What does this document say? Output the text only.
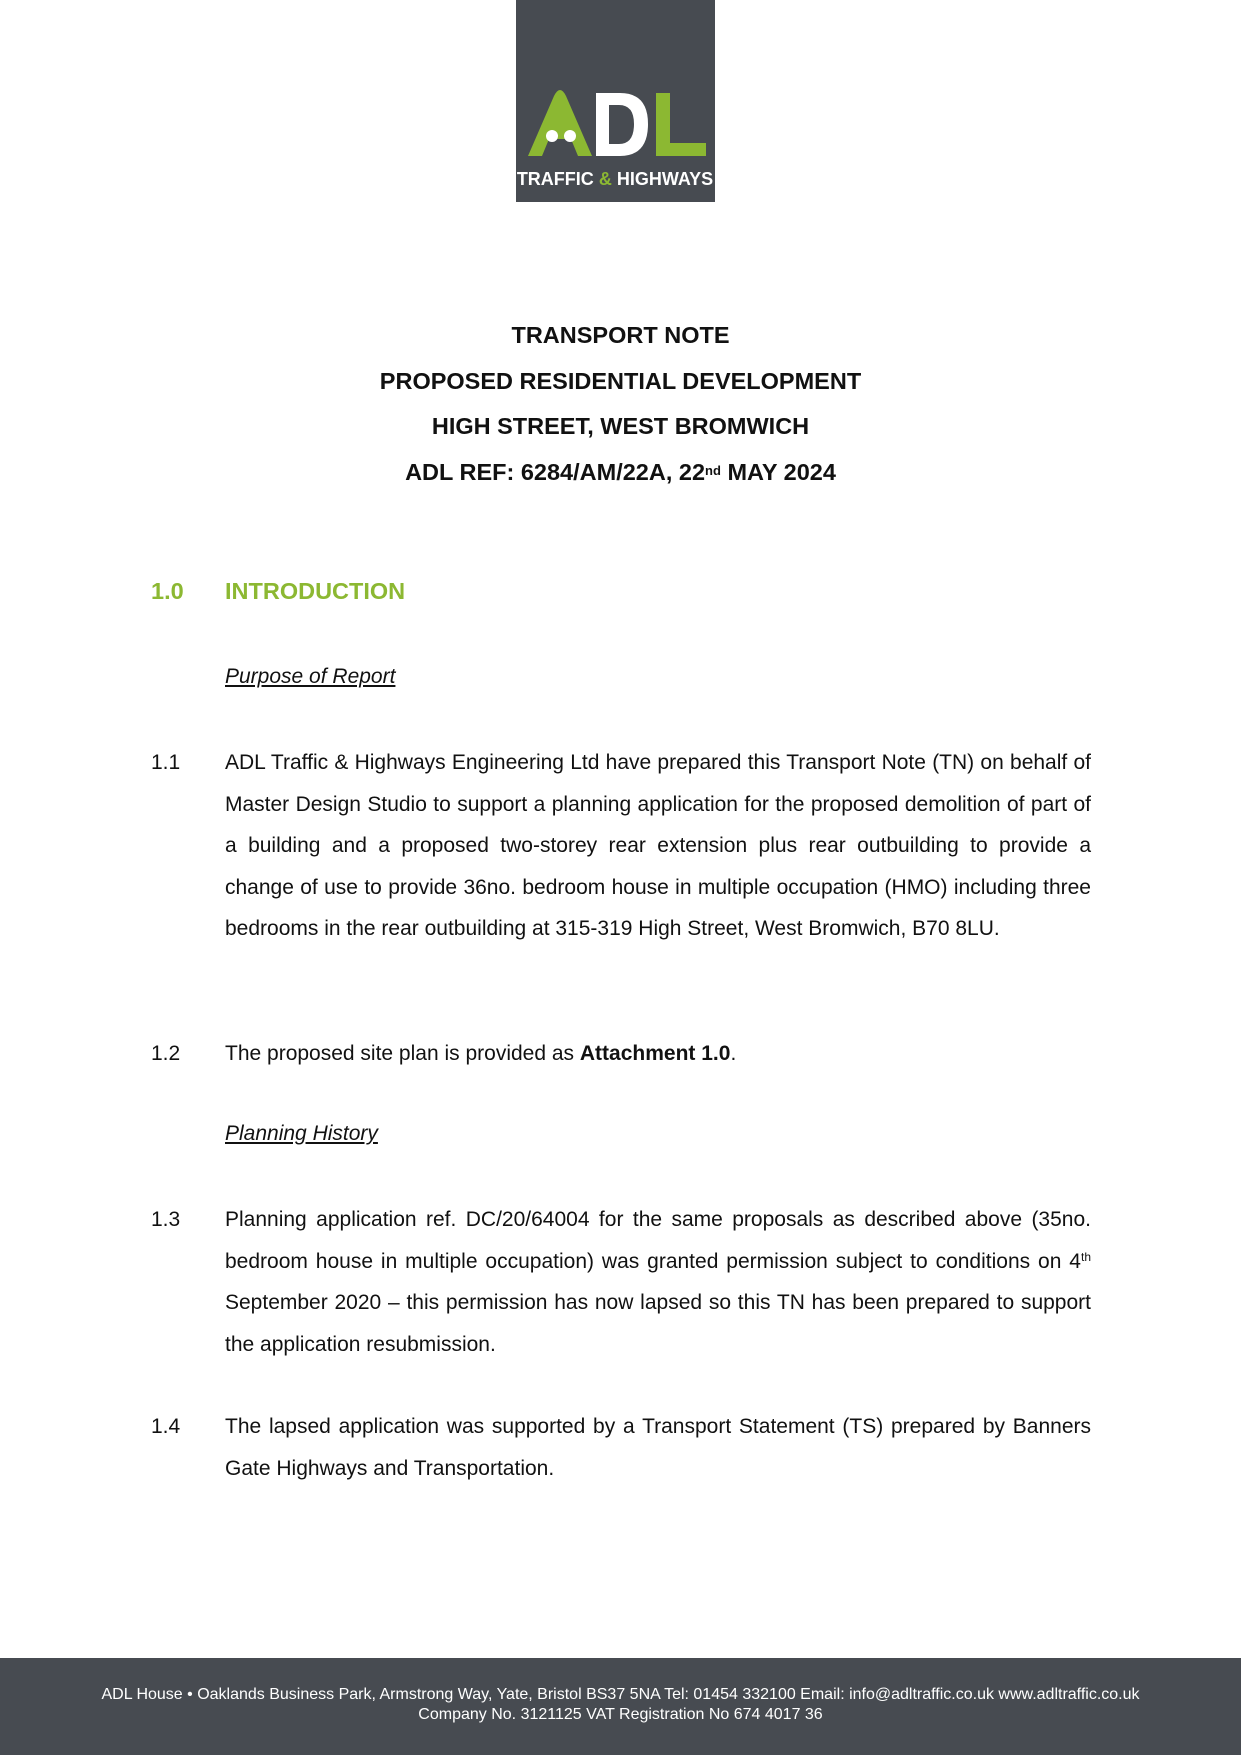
TRAFFIC & HIGHWAYS
TRANSPORT NOTE
PROPOSED RESIDENTIAL DEVELOPMENT
HIGH STREET, WEST BROMWICH
ADL REF: 6284/AM/22A, 22nd MAY 2024
1.0 INTRODUCTION
Purpose of Report
1.1 ADL Traffic & Highways Engineering Ltd have prepared this Transport Note (TN) on behalf of Master Design Studio to support a planning application for the proposed demolition of part of a building and a proposed two-storey rear extension plus rear outbuilding to provide a change of use to provide 36no. bedroom house in multiple occupation (HMO) including three bedrooms in the rear outbuilding at 315-319 High Street, West Bromwich, B70 8LU.
1.2 The proposed site plan is provided as Attachment 1.0.
Planning History
1.3 Planning application ref. DC/20/64004 for the same proposals as described above (35no. bedroom house in multiple occupation) was granted permission subject to conditions on 4th September 2020 – this permission has now lapsed so this TN has been prepared to support the application resubmission.
1.4 The lapsed application was supported by a Transport Statement (TS) prepared by Banners Gate Highways and Transportation.
ADL House • Oaklands Business Park, Armstrong Way, Yate, Bristol BS37 5NA Tel: 01454 332100 Email: info@adltraffic.co.uk www.adltraffic.co.uk
Company No. 3121125 VAT Registration No 674 4017 36
